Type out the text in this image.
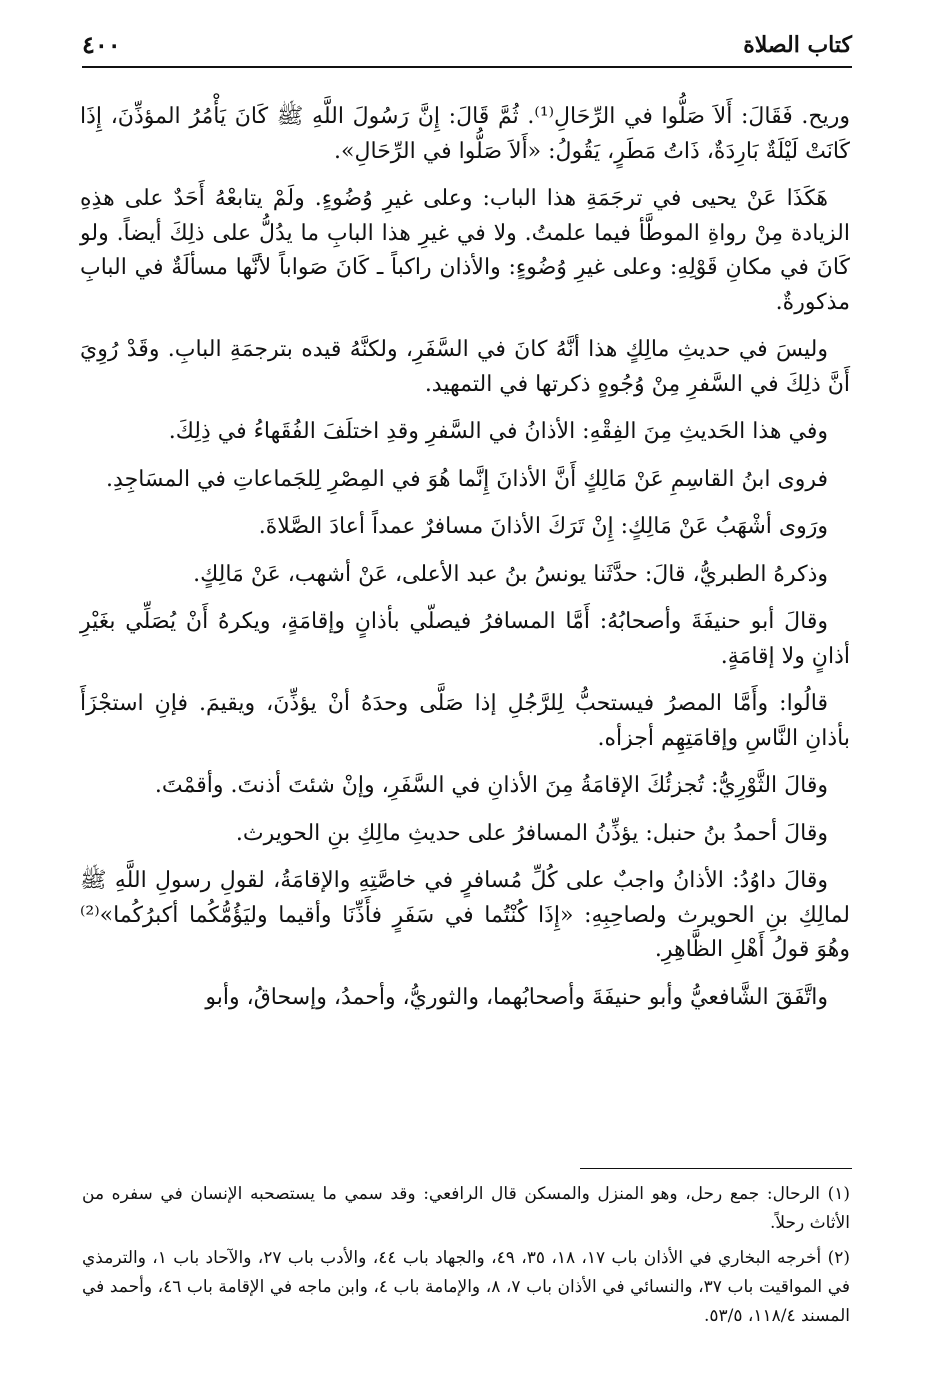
كتاب الصلاة
٤٠٠

وريح. فَقَالَ: أَلاَ صَلُّوا في الرِّحَالِ⁽¹⁾. ثُمَّ قَالَ: إِنَّ رَسُولَ اللَّهِ ﷺ كَانَ يَأْمُرُ المؤذِّنَ، إِذَا كَانَتْ لَيْلَةٌ بَارِدَةٌ، ذَاتُ مَطَرٍ، يَقُولُ: «أَلاَ صَلُّوا في الرِّحَالِ».

هَكَذَا عَنْ يحيى في ترجَمَةِ هذا الباب: وعلى غيرِ وُضُوءٍ. ولَمْ يتابعْهُ أَحَدٌ على هذِهِ الزيادة مِنْ رواةِ الموطَّأ فيما علمتُ. ولا في غيرِ هذا البابِ ما يدُلُّ على ذلِكَ أيضاً. ولو كَانَ في مكانِ قَوْلِهِ: وعلى غيرِ وُضُوءٍ: والأذان راكباً ـ كَانَ صَواباً لأنَّها مسألَةٌ في البابِ مذكورةٌ.

وليسَ في حديثِ مالِكٍ هذا أنَّهُ كانَ في السَّفَرِ، ولكنَّهُ قيده بترجمَةِ البابِ. وقَدْ رُوِيَ أَنَّ ذلِكَ في السَّفرِ مِنْ وُجُوهٍ ذكرتها في التمهيد.

وفي هذا الحَديثِ مِنَ الفِقْهِ: الأذانُ في السَّفرِ وقدِ اختلَفَ الفُقَهاءُ في ذِلِكَ.

فروى ابنُ القاسِمِ عَنْ مَالِكٍ أَنَّ الأذانَ إِنَّما هُوَ في المِصْرِ لِلجَماعاتِ في المسَاجِدِ.

ورَوى أشْهَبُ عَنْ مَالِكٍ: إِنْ تَرَكَ الأذانَ مسافرٌ عمداً أعادَ الصَّلاةَ.

وذكرهُ الطبريُّ، قالَ: حدَّثَنا يونسُ بنُ عبد الأعلى، عَنْ أشهب، عَنْ مَالِكٍ.

وقالَ أبو حنيفَةَ وأصحابُهُ: أَمَّا المسافرُ فيصلّي بأذانٍ وإقامَةٍ، ويكرهُ أَنْ يُصَلِّي بغَيْرِ أذانٍ ولا إقامَةٍ.

قالُوا: وأَمَّا المصرُ فيستحبُّ لِلرَّجُلِ إذا صَلَّى وحدَهُ أنْ يؤذِّنَ، ويقيمَ. فإنِ استجْزَأَ بأذانِ النَّاسِ وإقامَتِهِم أجزأه.

وقالَ الثَّوْرِيُّ: تُجزئُكَ الإقامَةُ مِنَ الأذانِ في السَّفَرِ، وإنْ شئتَ أذنتَ. وأقمْتَ.

وقالَ أحمدُ بنُ حنبل: يؤذِّنُ المسافرُ على حديثِ مالِكِ بنِ الحويرث.

وقالَ داوُدُ: الأذانُ واجبٌ على كُلِّ مُسافرٍ في خاصَّتِهِ والإقامَةُ، لقولِ رسولِ اللَّهِ ﷺ لمالِكِ بنِ الحويرث ولصاحِبِهِ: «إِذَا كُنْتُما في سَفَرٍ فأَذِّنَا وأقيما وليَؤُمُّكُما أكبرُكُما»⁽²⁾ وهُوَ قولُ أَهْلِ الظَّاهِرِ.

واتَّفَقَ الشَّافعيُّ وأبو حنيفَةَ وأصحابُهما، والثوريُّ، وأحمدُ، وإسحاقُ، وأبو

(١) الرحال: جمع رحل، وهو المنزل والمسكن قال الرافعي: وقد سمي ما يستصحبه الإنسان في سفره من الأثاث رحلاً.

(٢) أخرجه البخاري في الأذان باب ١٧، ١٨، ٣٥، ٤٩، والجهاد باب ٤٤، والأدب باب ٢٧، والآحاد باب ١، والترمذي في المواقيت باب ٣٧، والنسائي في الأذان باب ٧، ٨، والإمامة باب ٤، وابن ماجه في الإقامة باب ٤٦، وأحمد في المسند ١١٨/٤، ٥٣/٥.
